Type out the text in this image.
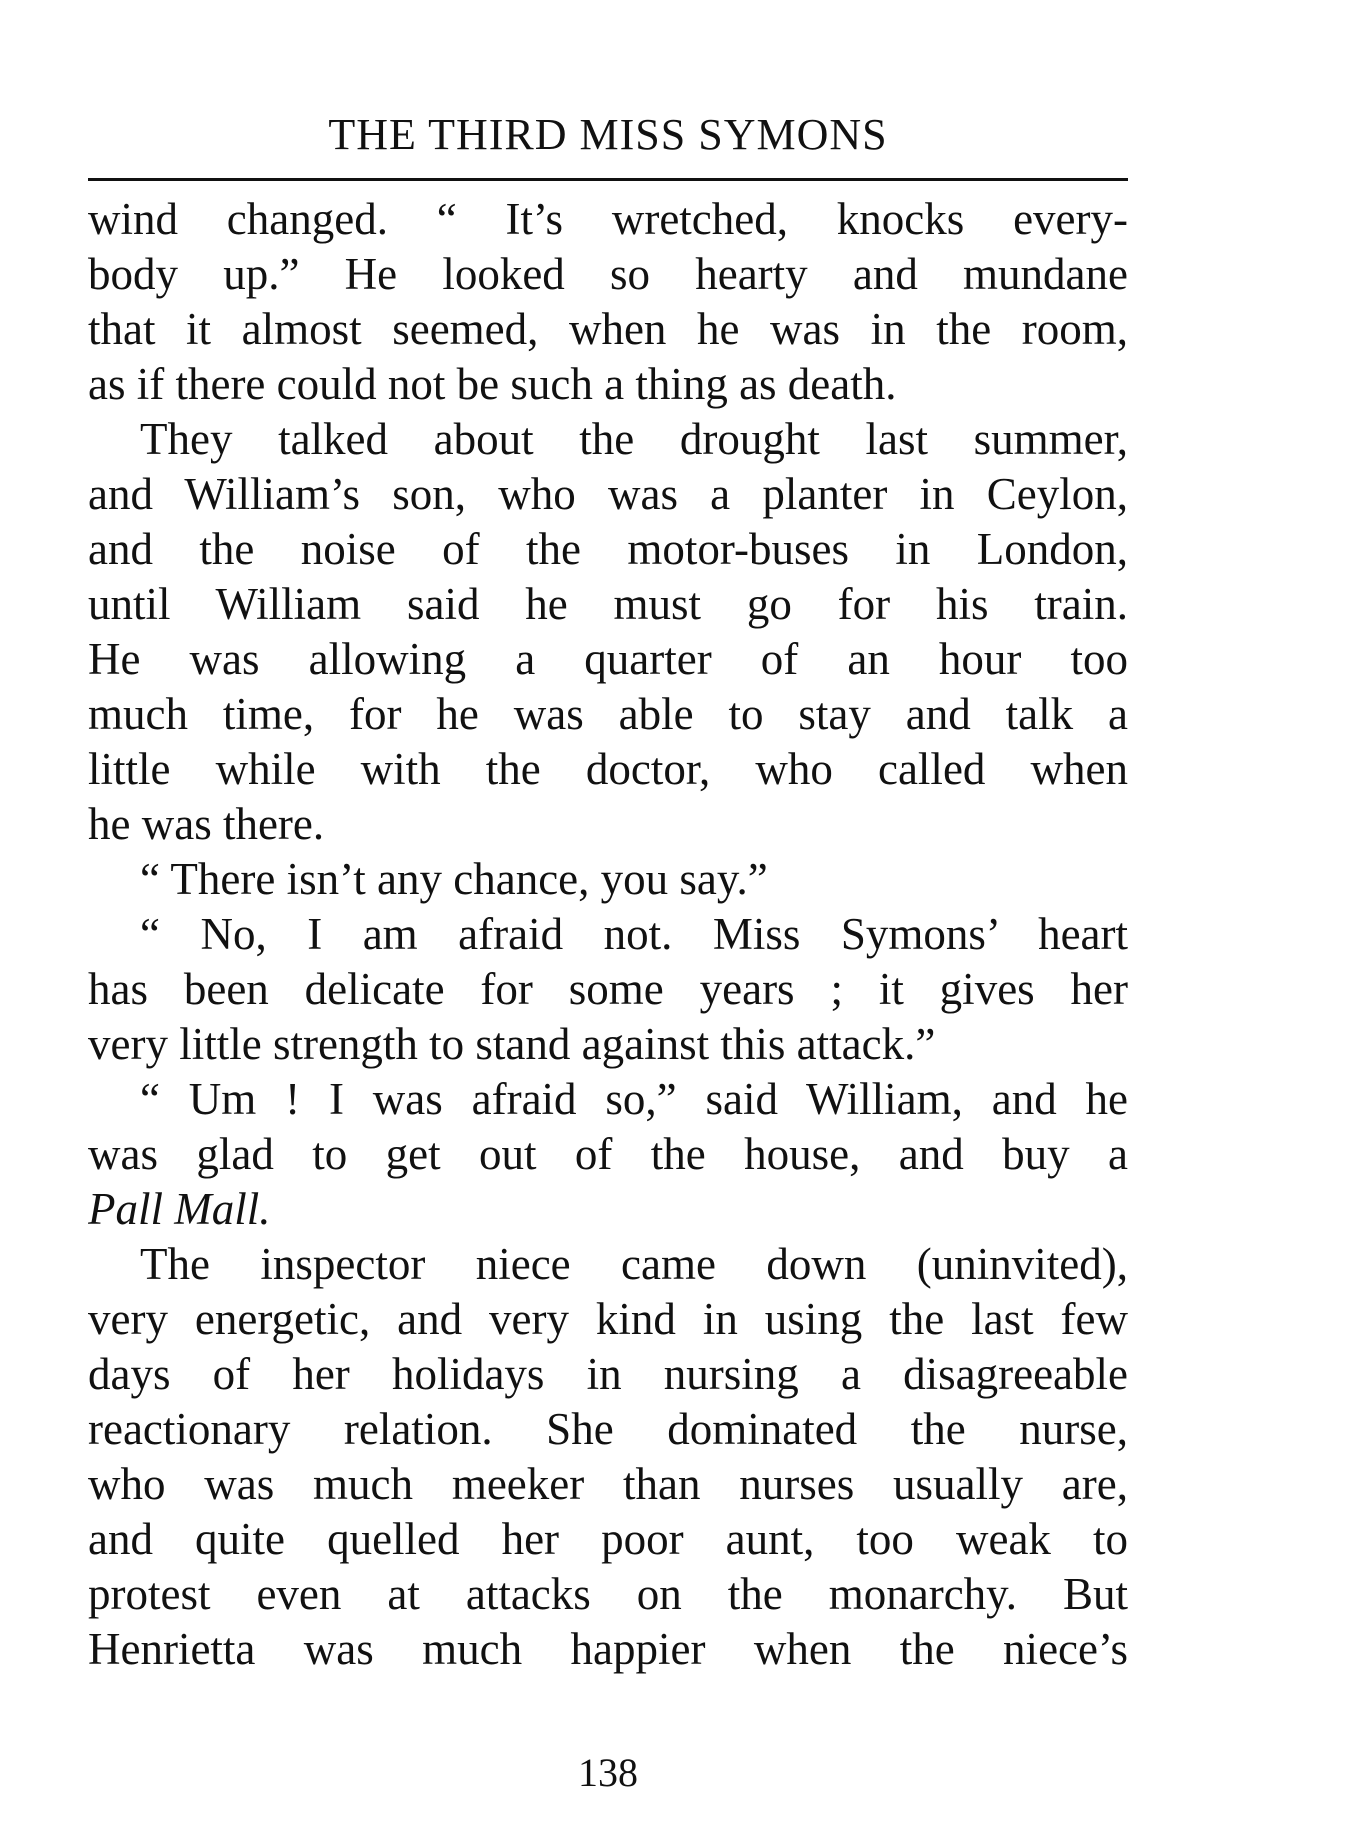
THE THIRD MISS SYMONS
wind changed. “ It’s wretched, knocks every-
body up.” He looked so hearty and mundane
that it almost seemed, when he was in the room,
as if there could not be such a thing as death.
They talked about the drought last summer,
and William’s son, who was a planter in Ceylon,
and the noise of the motor-buses in London,
until William said he must go for his train.
He was allowing a quarter of an hour too
much time, for he was able to stay and talk a
little while with the doctor, who called when
he was there.
“ There isn’t any chance, you say.”
“ No, I am afraid not. Miss Symons’ heart
has been delicate for some years ; it gives her
very little strength to stand against this attack.”
“ Um ! I was afraid so,” said William, and he
was glad to get out of the house, and buy a
Pall Mall.
The inspector niece came down (uninvited),
very energetic, and very kind in using the last few
days of her holidays in nursing a disagreeable
reactionary relation. She dominated the nurse,
who was much meeker than nurses usually are,
and quite quelled her poor aunt, too weak to
protest even at attacks on the monarchy. But
Henrietta was much happier when the niece’s
138
